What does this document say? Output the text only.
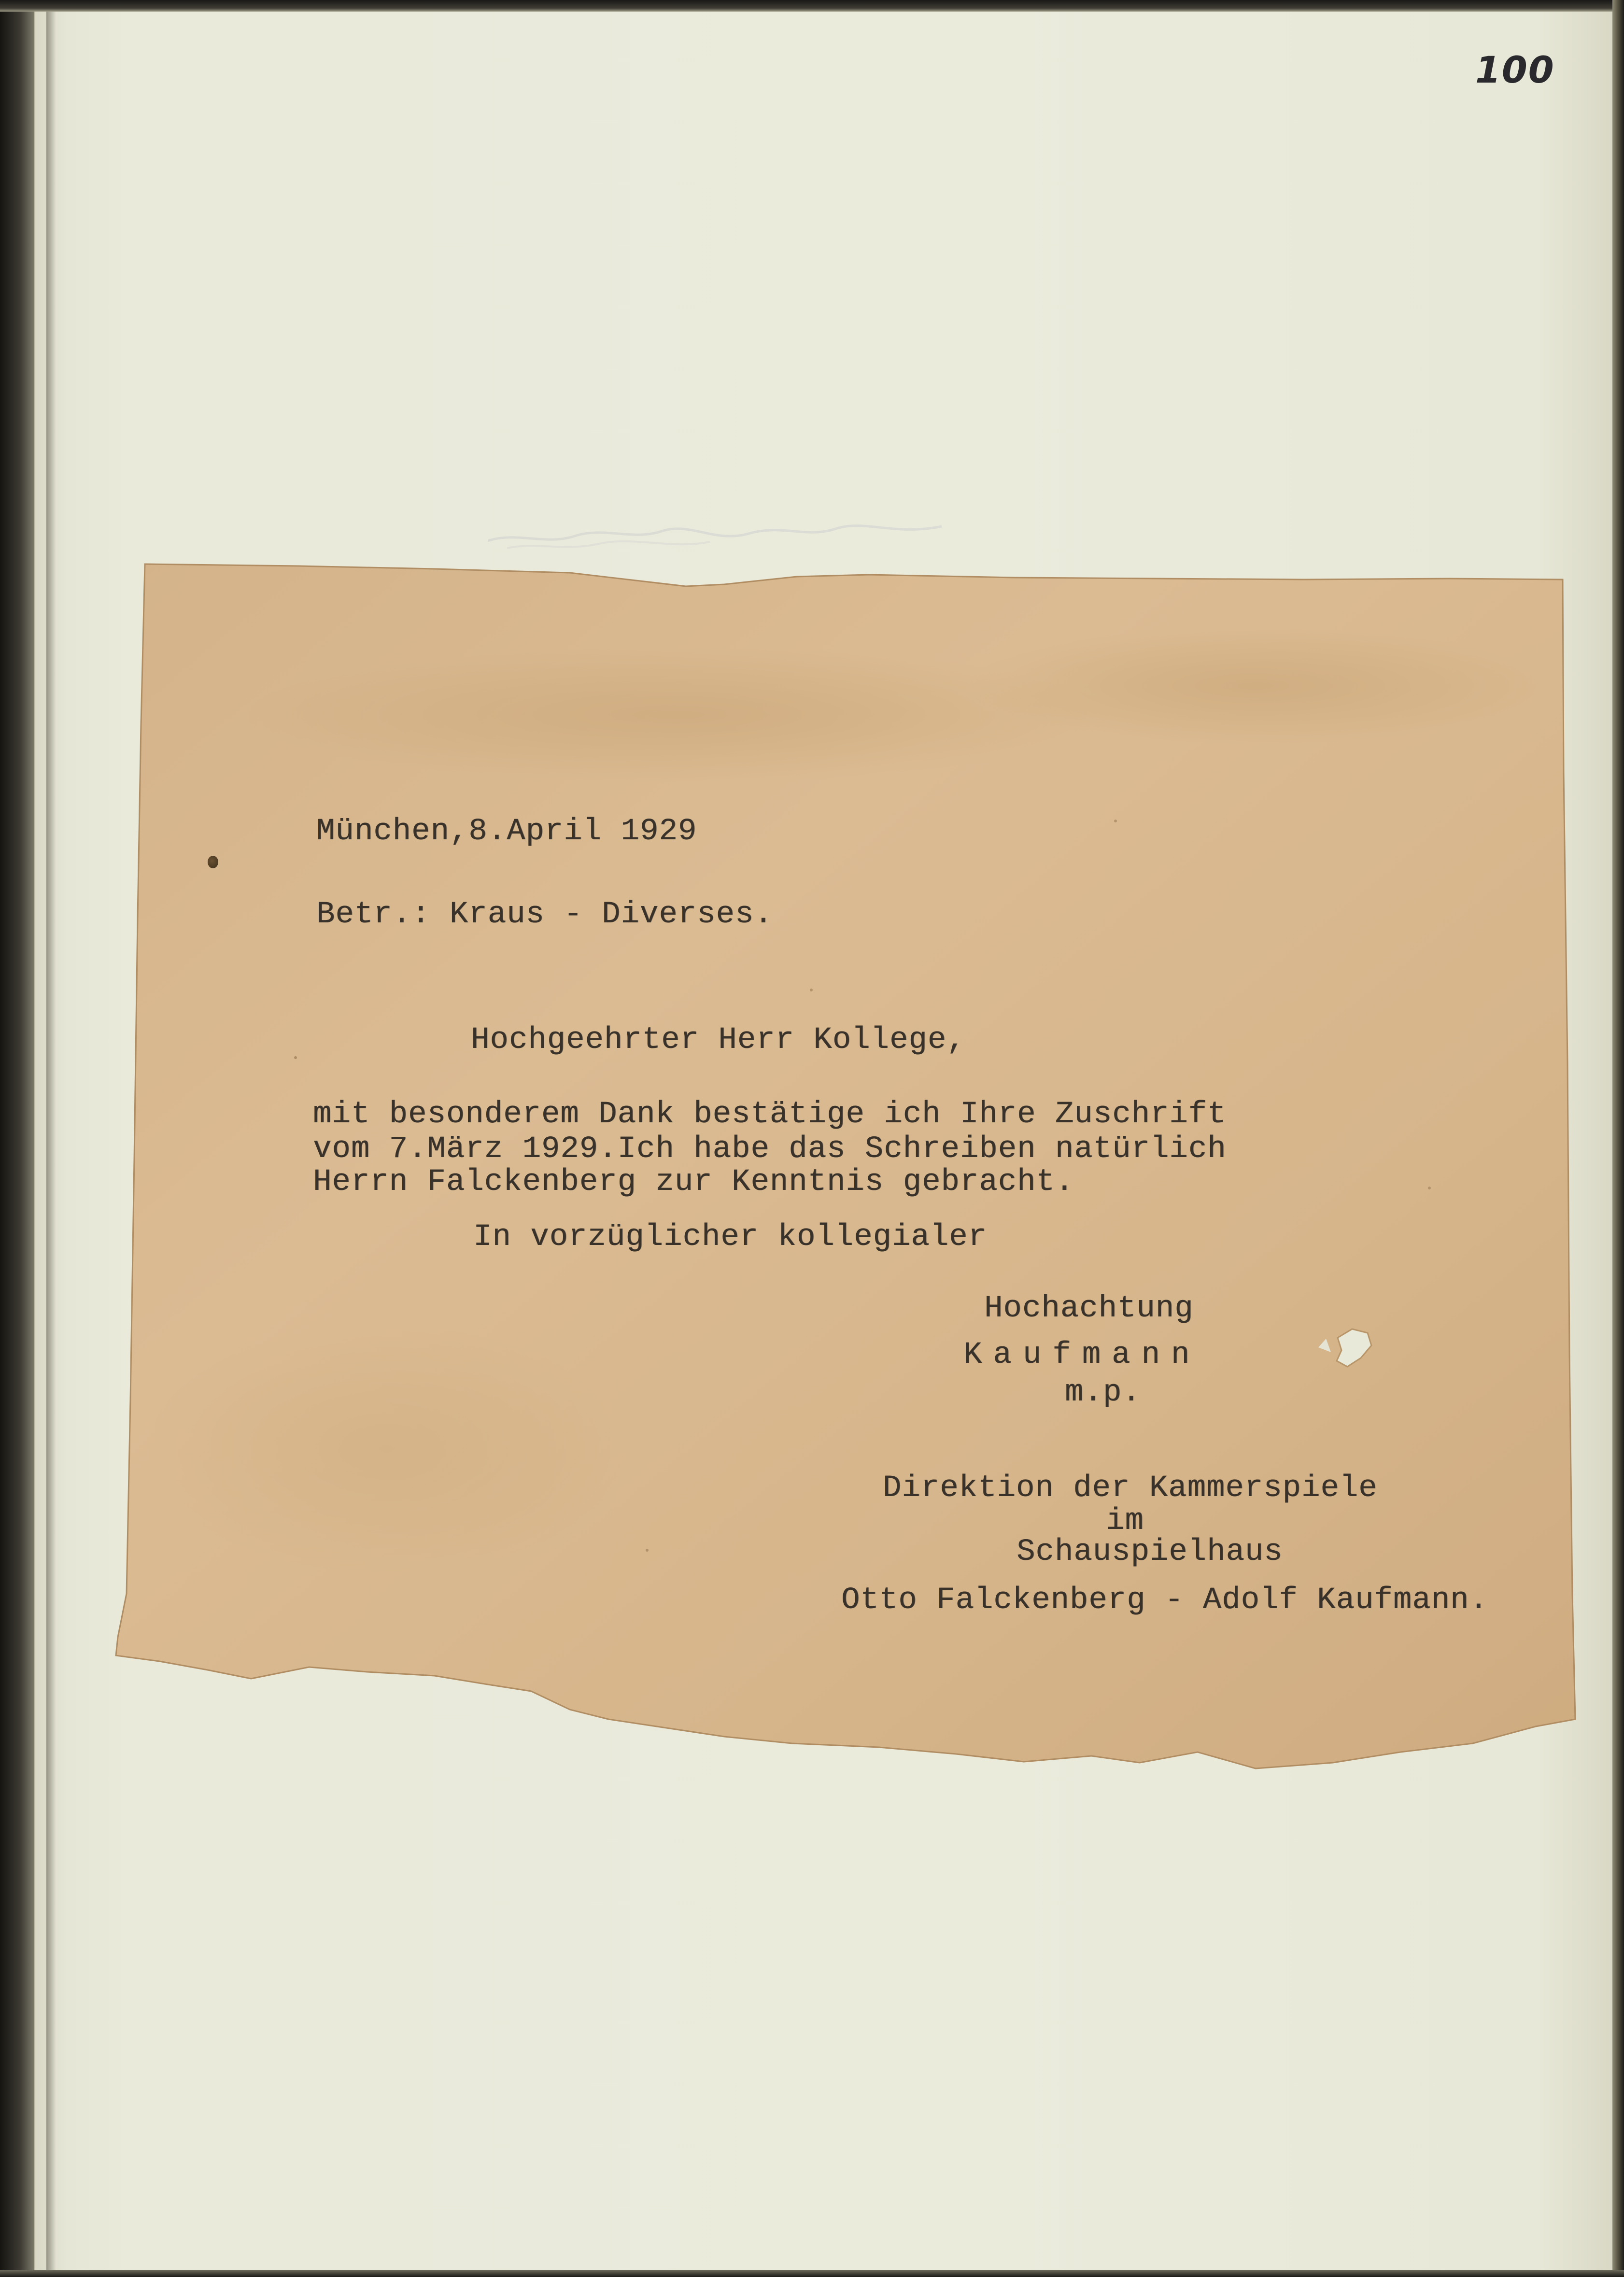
100
München,8.April 1929
Betr.: Kraus - Diverses.
Hochgeehrter Herr Kollege,
mit besonderem Dank bestätige ich Ihre Zuschrift
vom 7.März 1929.Ich habe das Schreiben natürlich
Herrn Falckenberg zur Kenntnis gebracht.
In vorzüglicher kollegialer
Hochachtung
Kaufmann
m.p.
Direktion der Kammerspiele
im
Schauspielhaus
Otto Falckenberg - Adolf Kaufmann.
